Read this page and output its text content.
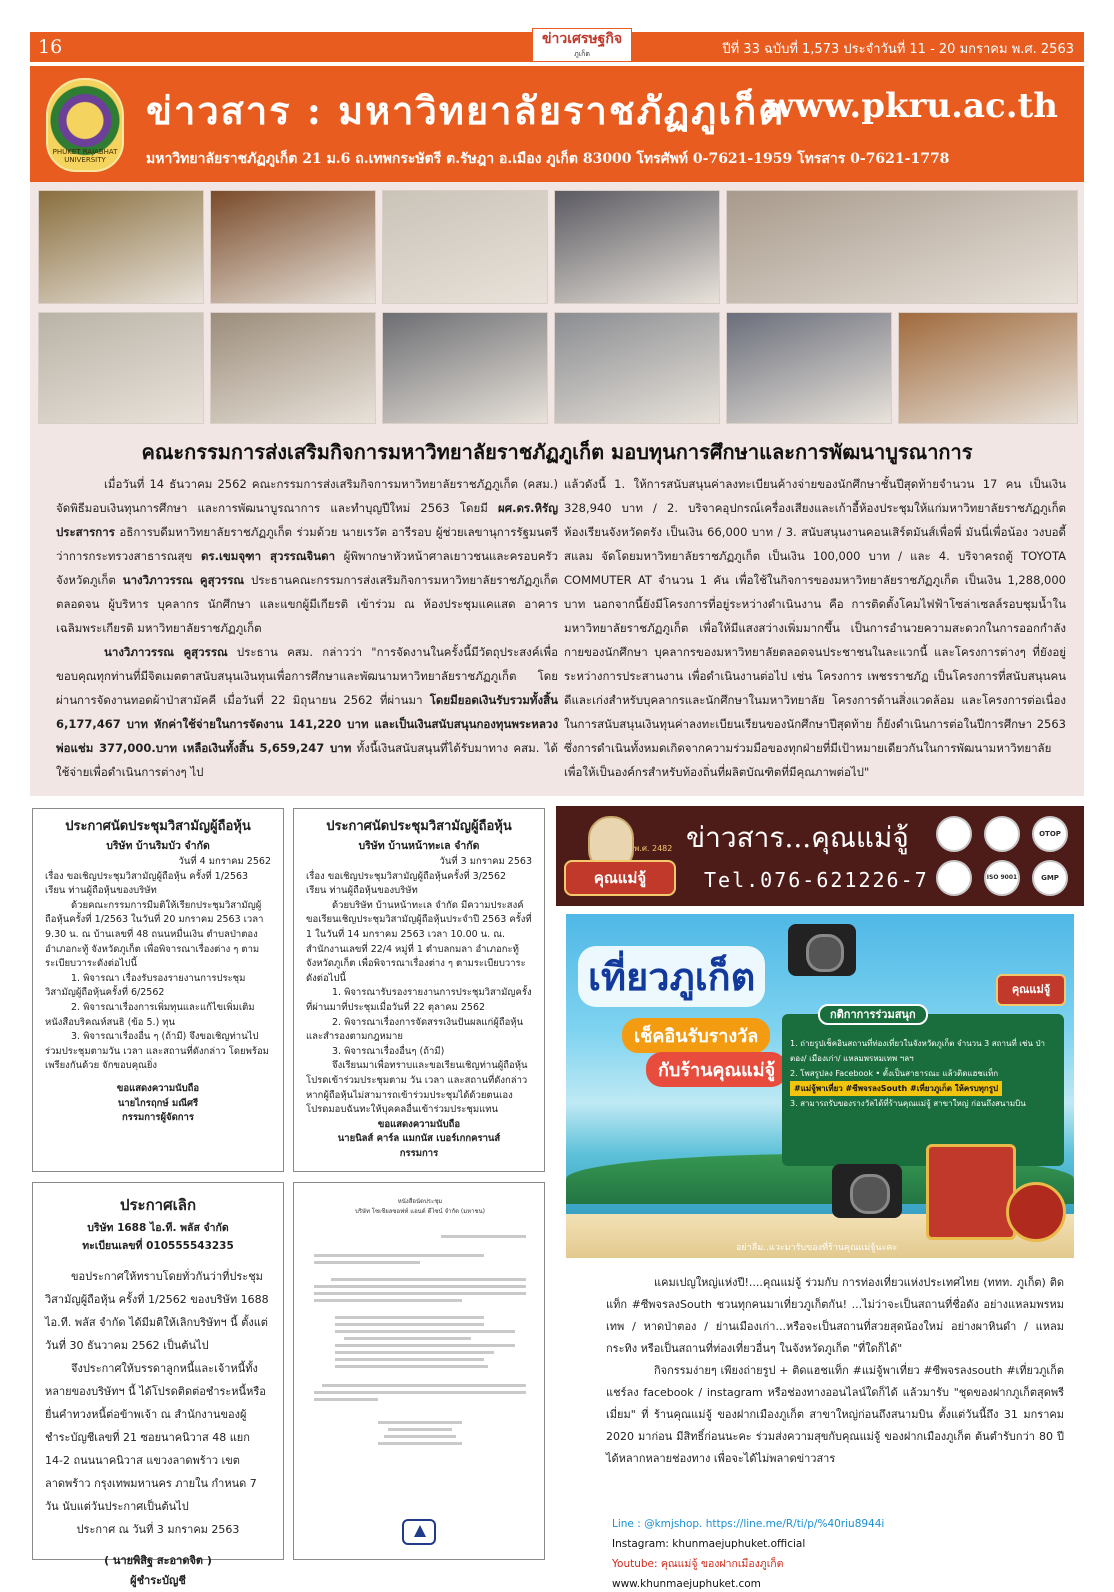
16	ข่าวเศรษฐกิจ
ภูเก็ต	ปีที่ 33 ฉบับที่ 1,573 ประจำวันที่ 11 - 20 มกราคม พ.ศ. 2563
PHUKET RAJABHAT UNIVERSITY
ข่าวสาร : มหาวิทยาลัยราชภัฏภูเก็ต
www.pkru.ac.th
มหาวิทยาลัยราชภัฏภูเก็ต 21 ม.6 ถ.เทพกระษัตรี ต.รัษฎา อ.เมือง ภูเก็ต 83000 โทรศัพท์ 0-7621-1959 โทรสาร 0-7621-1778
คณะกรรมการส่งเสริมกิจการมหาวิทยาลัยราชภัฏภูเก็ต มอบทุนการศึกษาและการพัฒนาบูรณาการ
เมื่อวันที่ 14 ธันวาคม 2562 คณะกรรมการส่งเสริมกิจการมหาวิทยาลัยราชภัฏภูเก็ต (คสม.) จัดพิธีมอบเงินทุนการศึกษา และการพัฒนาบูรณาการ และทำบุญปีใหม่ 2563 โดยมี ผศ.ดร.หิรัญ ประสารการ อธิการบดีมหาวิทยาลัยราชภัฏภูเก็ต ร่วมด้วย นายเรวัต อารีรอบ ผู้ช่วยเลขานุการรัฐมนตรีว่าการกระทรวงสาธารณสุข ดร.เขมจุฑา สุวรรณจินดา ผู้พิพากษาหัวหน้าศาลเยาวชนและครอบครัวจังหวัดภูเก็ต นางวิภาวรรณ คูสุวรรณ ประธานคณะกรรมการส่งเสริมกิจการมหาวิทยาลัยราชภัฏภูเก็ต ตลอดจน ผู้บริหาร บุคลากร นักศึกษา และแขกผู้มีเกียรติ เข้าร่วม ณ ห้องประชุมแคแสด อาคารเฉลิมพระเกียรติ มหาวิทยาลัยราชภัฏภูเก็ต
นางวิภาวรรณ คูสุวรรณ ประธาน คสม. กล่าวว่า "การจัดงานในครั้งนี้มีวัตถุประสงค์เพื่อขอบคุณทุกท่านที่มีจิตเมตตาสนับสนุนเงินทุนเพื่อการศึกษาและพัฒนามหาวิทยาลัยราชภัฏภูเก็ต โดยผ่านการจัดงานทอดผ้าป่าสามัคคี เมื่อวันที่ 22 มิถุนายน 2562 ที่ผ่านมา โดยมียอดเงินรับรวมทั้งสิ้น 6,177,467 บาท หักค่าใช้จ่ายในการจัดงาน 141,220 บาท และเป็นเงินสนับสนุนกองทุนพระหลวงพ่อแช่ม 377,000.บาท เหลือเงินทั้งสิ้น 5,659,247 บาท ทั้งนี้เงินสนับสนุนที่ได้รับมาทาง คสม. ได้ใช้จ่ายเพื่อดำเนินการต่างๆ ไป
แล้วดังนี้ 1. ให้การสนับสนุนค่าลงทะเบียนค้างจ่ายของนักศึกษาชั้นปีสุดท้ายจำนวน 17 คน เป็นเงิน 328,940 บาท / 2. บริจาคอุปกรณ์เครื่องเสียงและเก้าอี้ห้องประชุมให้แก่มหาวิทยาลัยราชภัฏภูเก็ต ห้องเรียนจังหวัดตรัง เป็นเงิน 66,000 บาท / 3. สนับสนุนงานคอนเสิร์ตมันส์เพื่อพี่ มันนี่เพื่อน้อง วงบอดี้สแลม จัดโดยมหาวิทยาลัยราชภัฏภูเก็ต เป็นเงิน 100,000 บาท / และ 4. บริจาครถตู้ TOYOTA COMMUTER AT จำนวน 1 คัน เพื่อใช้ในกิจการของมหาวิทยาลัยราชภัฏภูเก็ต เป็นเงิน 1,288,000 บาท นอกจากนี้ยังมีโครงการที่อยู่ระหว่างดำเนินงาน คือ การติดตั้งโคมไฟฟ้าโซล่าเซลล์รอบชุมน้ำในมหาวิทยาลัยราชภัฏภูเก็ต เพื่อให้มีแสงสว่างเพิ่มมากขึ้น เป็นการอำนวยความสะดวกในการออกกำลังกายของนักศึกษา บุคลากรของมหาวิทยาลัยตลอดจนประชาชนในละแวกนี้ และโครงการต่างๆ ที่ยังอยู่ระหว่างการประสานงาน เพื่อดำเนินงานต่อไป เช่น โครงการ เพชรราชภัฏ เป็นโครงการที่สนับสนุนคนดีและเก่งสำหรับบุคลากรและนักศึกษาในมหาวิทยาลัย โครงการด้านสิ่งแวดล้อม และโครงการต่อเนื่องในการสนับสนุนเงินทุนค่าลงทะเบียนเรียนของนักศึกษาปีสุดท้าย ก็ยังดำเนินการต่อในปีการศึกษา 2563 ซึ่งการดำเนินทั้งหมดเกิดจากความร่วมมือของทุกฝ่ายที่มีเป้าหมายเดียวกันในการพัฒนามหาวิทยาลัยเพื่อให้เป็นองค์กรสำหรับท้องถิ่นที่ผลิตบัณฑิตที่มีคุณภาพต่อไป"
ประกาศนัดประชุมวิสามัญผู้ถือหุ้น
บริษัท บ้านริมบัว จำกัด
วันที่ 4 มกราคม 2562

เรื่อง ขอเชิญประชุมวิสามัญผู้ถือหุ้น ครั้งที่ 1/2563

เรียน ท่านผู้ถือหุ้นของบริษัท

ด้วยคณะกรรมการมีมติให้เรียกประชุมวิสามัญผู้ถือหุ้นครั้งที่ 1/2563 ในวันที่ 20 มกราคม 2563 เวลา 9.30 น. ณ บ้านเลขที่ 48 ถนนหมื่นเงิน ตำบลป่าตอง อำเภอกะทู้ จังหวัดภูเก็ต เพื่อพิจารณาเรื่องต่าง ๆ ตามระเบียบวาระดังต่อไปนี้

1. พิจารณา เรื่องรับรองรายงานการประชุมวิสามัญผู้ถือหุ้นครั้งที่ 6/2562

2. พิจารณาเรื่องการเพิ่มทุนและแก้ไขเพิ่มเติมหนังสือบริคณห์สนธิ (ข้อ 5.) ทุน

3. พิจารณาเรื่องอื่น ๆ (ถ้ามี) จึงขอเชิญท่านไปร่วมประชุมตามวัน เวลา และสถานที่ดังกล่าว โดยพร้อมเพรียงกันด้วย จักขอบคุณยิ่ง

ขอแสดงความนับถือ

นายไกรฤกษ์ มณีศรี

กรรมการผู้จัดการ

ประกาศนัดประชุมวิสามัญผู้ถือหุ้น
บริษัท บ้านหน้าทะเล จำกัด
วันที่ 3 มกราคม 2563

เรื่อง ขอเชิญประชุมวิสามัญผู้ถือหุ้นครั้งที่ 3/2562

เรียน ท่านผู้ถือหุ้นของบริษัท

ด้วยบริษัท บ้านหน้าทะเล จำกัด มีความประสงค์ขอเรียนเชิญประชุมวิสามัญผู้ถือหุ้นประจำปี 2563 ครั้งที่ 1 ในวันที่ 14 มกราคม 2563 เวลา 10.00 น. ณ. สำนักงานเลขที่ 22/4 หมู่ที่ 1 ตำบลกมลา อำเภอกะทู้ จังหวัดภูเก็ต เพื่อพิจารณาเรื่องต่าง ๆ ตามระเบียบวาระดังต่อไปนี้

1. พิจารณารับรองรายงานการประชุมวิสามัญครั้งที่ผ่านมาที่ประชุมเมื่อวันที่ 22 ตุลาคม 2562

2. พิจารณาเรื่องการจัดสรรเงินปันผลแก่ผู้ถือหุ้นและสำรองตามกฎหมาย

3. พิจารณาเรื่องอื่นๆ (ถ้ามี)

จึงเรียนมาเพื่อทราบและขอเรียนเชิญท่านผู้ถือหุ้นโปรดเข้าร่วมประชุมตาม วัน เวลา และสถานที่ดังกล่าว หากผู้ถือหุ้นไม่สามารถเข้าร่วมประชุมได้ด้วยตนเอง โปรดมอบฉันทะให้บุคคลอื่นเข้าร่วมประชุมแทน

ขอแสดงความนับถือ

นายนิลส์ คาร์ล แมกนัส เบอร์เกกครานส์

กรรมการ

ประกาศเลิก
บริษัท 1688 ไอ.ที. พลัส จำกัด
ทะเบียนเลขที่ 010555543235

ขอประกาศให้ทราบโดยทั่วกันว่าที่ประชุมวิสามัญผู้ถือหุ้น ครั้งที่ 1/2562 ของบริษัท 1688 ไอ.ที. พลัส จำกัด ได้มีมติให้เลิกบริษัทฯ นี้ ตั้งแต่วันที่ 30 ธันวาคม 2562 เป็นต้นไป

จึงประกาศให้บรรดาลูกหนี้และเจ้าหนี้ทั้งหลายของบริษัทฯ นี้ ได้โปรดติดต่อชำระหนี้หรือยื่นคำทวงหนี้ต่อข้าพเจ้า ณ สำนักงานของผู้ชำระบัญชีเลขที่ 21 ซอยนาคนิวาส 48 แยก 14-2 ถนนนาคนิวาส แขวงลาดพร้าว เขตลาดพร้าว กรุงเทพมหานคร ภายใน กำหนด 7 วัน นับแต่วันประกาศเป็นต้นไป

ประกาศ ณ วันที่ 3 มกราคม 2563

( นายพิสิฐ สะอาดจิต )

ผู้ชำระบัญชี

หนังสือนัดประชุม
บริษัท โซเชียลซอฟท์ แอนด์ ดีไซน์ จำกัด (มหาชน)
พ.ศ. 2482
คุณแม่จู้
ข่าวสาร...คุณแม่จู้
Tel.076-621226-7
OTOP
ISO 9001	GMP
คุณแม่จู้
เที่ยวภูเก็ต
เช็คอินรับรางวัล
กับร้านคุณแม่จู้
กติกาการร่วมสนุก
1. ถ่ายรูปเช็คอินสถานที่ท่องเที่ยวในจังหวัดภูเก็ต จำนวน 3 สถานที่ เช่น ป่าตอง/ เมืองเก่า/ แหลมพรหมเทพ ฯลฯ
2. โพสรูปลง Facebook • ตั้งเป็นสาธารณะ แล้วติดแฮชแท็ก
#แม่จู้พาเที่ยว #ซีพจรลงSouth #เที่ยวภูเก็ต ให้ครบทุกรูป
3. สามารถรับของรางวัลได้ที่ร้านคุณแม่จู้ สาขาใหญ่ ก่อนถึงสนามบิน
อย่าลืม..แวะมารับของที่ร้านคุณแม่จู้นะคะ

แคมเปญใหญ่แห่งปี!....คุณแม่จู้ ร่วมกับ การท่องเที่ยวแห่งประเทศไทย (ททท. ภูเก็ต) ติดแท็ก #ซีพจรลงSouth ชวนทุกคนมาเที่ยวภูเก็ตกัน! ...ไม่ว่าจะเป็นสถานที่ชื่อดัง อย่างแหลมพรหมเทพ / หาดป่าตอง / ย่านเมืองเก่า...หรือจะเป็นสถานที่สวยสุดน้องใหม่ อย่างผาหินดำ / แหลมกระทิง หรือเป็นสถานที่ท่องเที่ยวอื่นๆ ในจังหวัดภูเก็ต "ที่ใดก็ได้"

กิจกรรมง่ายๆ เพียงถ่ายรูป + ติดแฮชแท็ก #แม่จู้พาเที่ยว #ซีพจรลงsouth #เที่ยวภูเก็ต แชร์ลง facebook / instagram หรือช่องทางออนไลน์ใดก็ได้ แล้วมารับ "ชุดของฝากภูเก็ตสุดพรีเมี่ยม" ที่ ร้านคุณแม่จู้ ของฝากเมืองภูเก็ต สาขาใหญ่ก่อนถึงสนามบิน ตั้งแต่วันนี้ถึง 31 มกราคม 2020 มาก่อน มีสิทธิ์ก่อนนะคะ ร่วมส่งความสุขกับคุณแม่จู้ ของฝากเมืองภูเก็ต ต้นตำรับกว่า 80 ปี ได้หลากหลายช่องทาง เพื่อจะได้ไม่พลาดข่าวสาร

Line : @kmjshop. https://line.me/R/ti/p/%40riu8944i
Instagram: khunmaejuphuket.official
Youtube: คุณแม่จู้ ของฝากเมืองภูเก็ต
www.khunmaejuphuket.com
